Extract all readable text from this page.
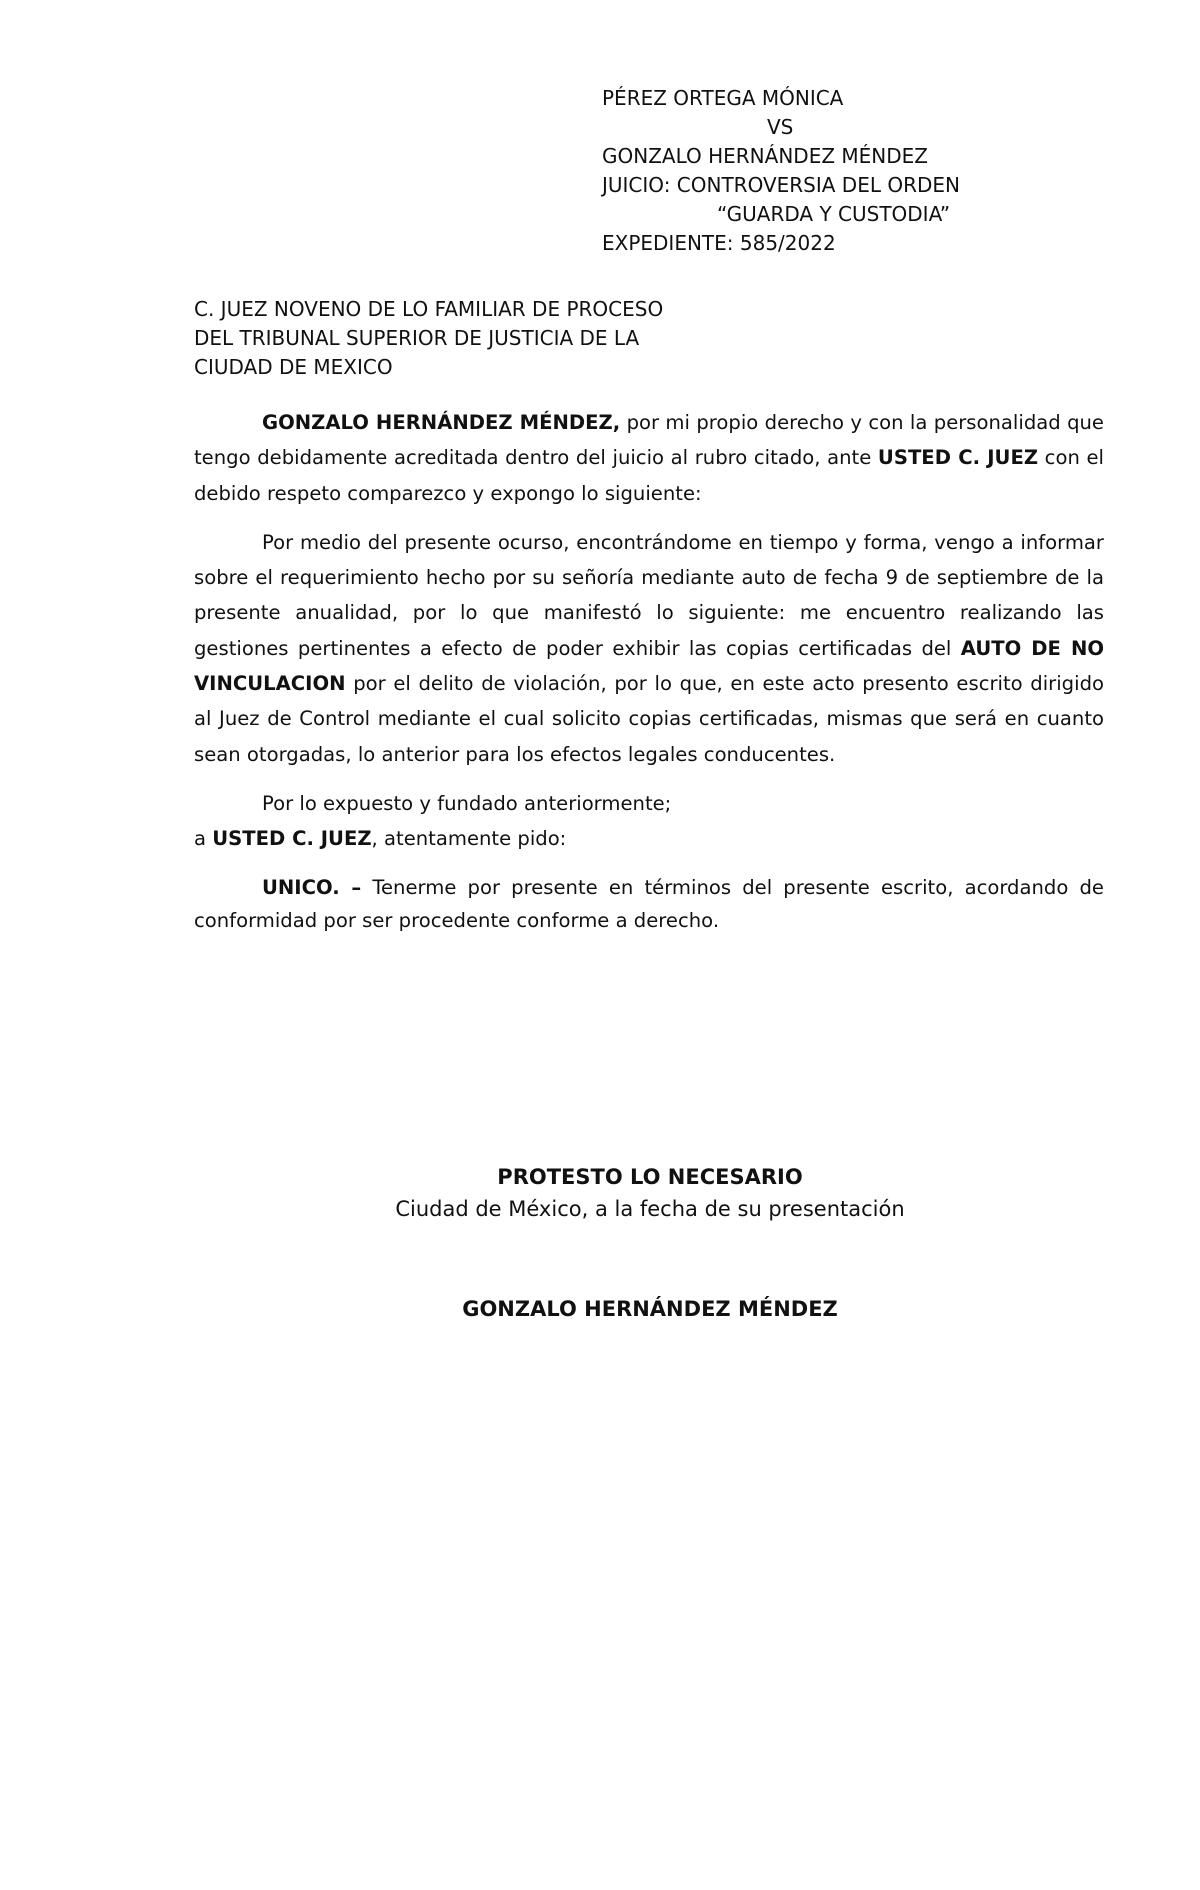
PÉREZ ORTEGA MÓNICA
VS
GONZALO HERNÁNDEZ MÉNDEZ
JUICIO: CONTROVERSIA DEL ORDEN
“GUARDA Y CUSTODIA”
EXPEDIENTE: 585/2022
C. JUEZ NOVENO DE LO FAMILIAR DE PROCESO
DEL TRIBUNAL SUPERIOR DE JUSTICIA DE LA
CIUDAD DE MEXICO

GONZALO HERNÁNDEZ MÉNDEZ, por mi propio derecho y con la personalidad que tengo debidamente acreditada dentro del juicio al rubro citado, ante USTED C. JUEZ con el debido respeto comparezco y expongo lo siguiente:

Por medio del presente ocurso, encontrándome en tiempo y forma, vengo a informar sobre el requerimiento hecho por su señoría mediante auto de fecha 9 de septiembre de la presente anualidad, por lo que manifestó lo siguiente: me encuentro realizando las gestiones pertinentes a efecto de poder exhibir las copias certificadas del AUTO DE NO VINCULACION por el delito de violación, por lo que, en este acto presento escrito dirigido al Juez de Control mediante el cual solicito copias certificadas, mismas que será en cuanto sean otorgadas, lo anterior para los efectos legales conducentes.

Por lo expuesto y fundado anteriormente;

a USTED C. JUEZ, atentamente pido:

UNICO. – Tenerme por presente en términos del presente escrito, acordando de conformidad por ser procedente conforme a derecho.

PROTESTO LO NECESARIO
Ciudad de México, a la fecha de su presentación
GONZALO HERNÁNDEZ MÉNDEZ
